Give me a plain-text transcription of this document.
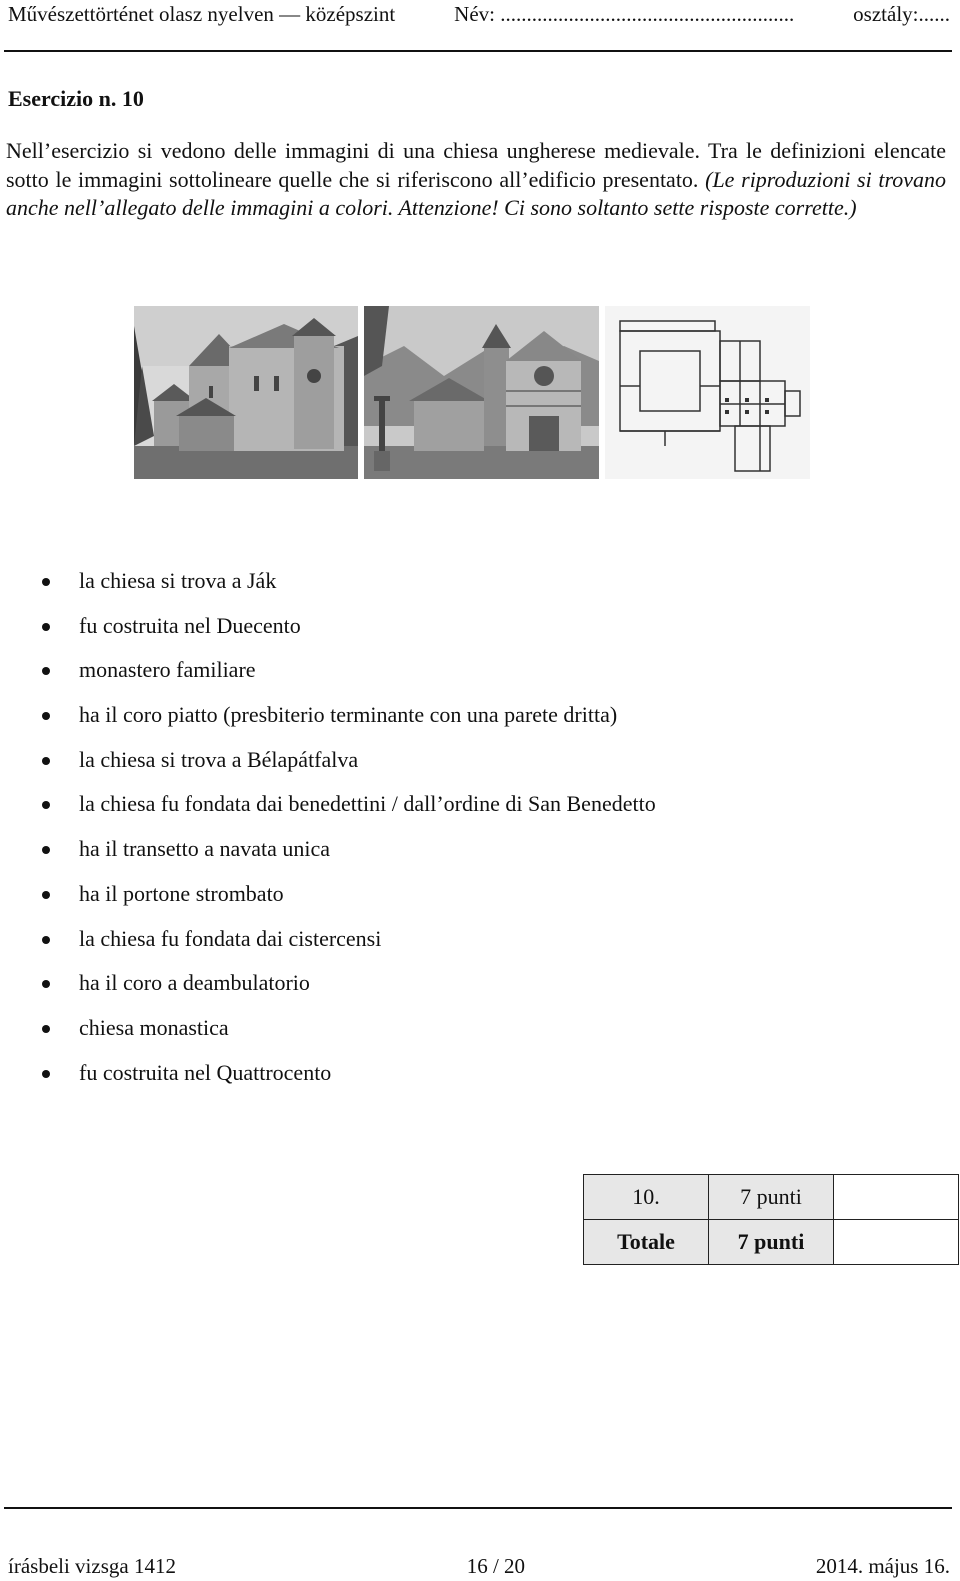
Művészettörténet olasz nyelven — középszint	Név: ........................................................	osztály:......
Esercizio n. 10
Nell’esercizio si vedono delle immagini di una chiesa ungherese medievale. Tra le definizioni elencate sotto le immagini sottolineare quelle che si riferiscono all’edificio presentato. (Le riproduzioni si trovano anche nell’allegato delle immagini a colori. Attenzione! Ci sono soltanto sette risposte corrette.)
la chiesa si trova a Ják
fu costruita nel Duecento
monastero familiare
ha il coro piatto (presbiterio terminante con una parete dritta)
la chiesa si trova a Bélapátfalva
la chiesa fu fondata dai benedettini / dall’ordine di San Benedetto
ha il transetto a navata unica
ha il portone strombato
la chiesa fu fondata dai cistercensi
ha il coro a deambulatorio
chiesa monastica
fu costruita nel Quattrocento
10.	7 punti	
Totale	7 punti	
írásbeli vizsga 1412	16 / 20	2014. május 16.
